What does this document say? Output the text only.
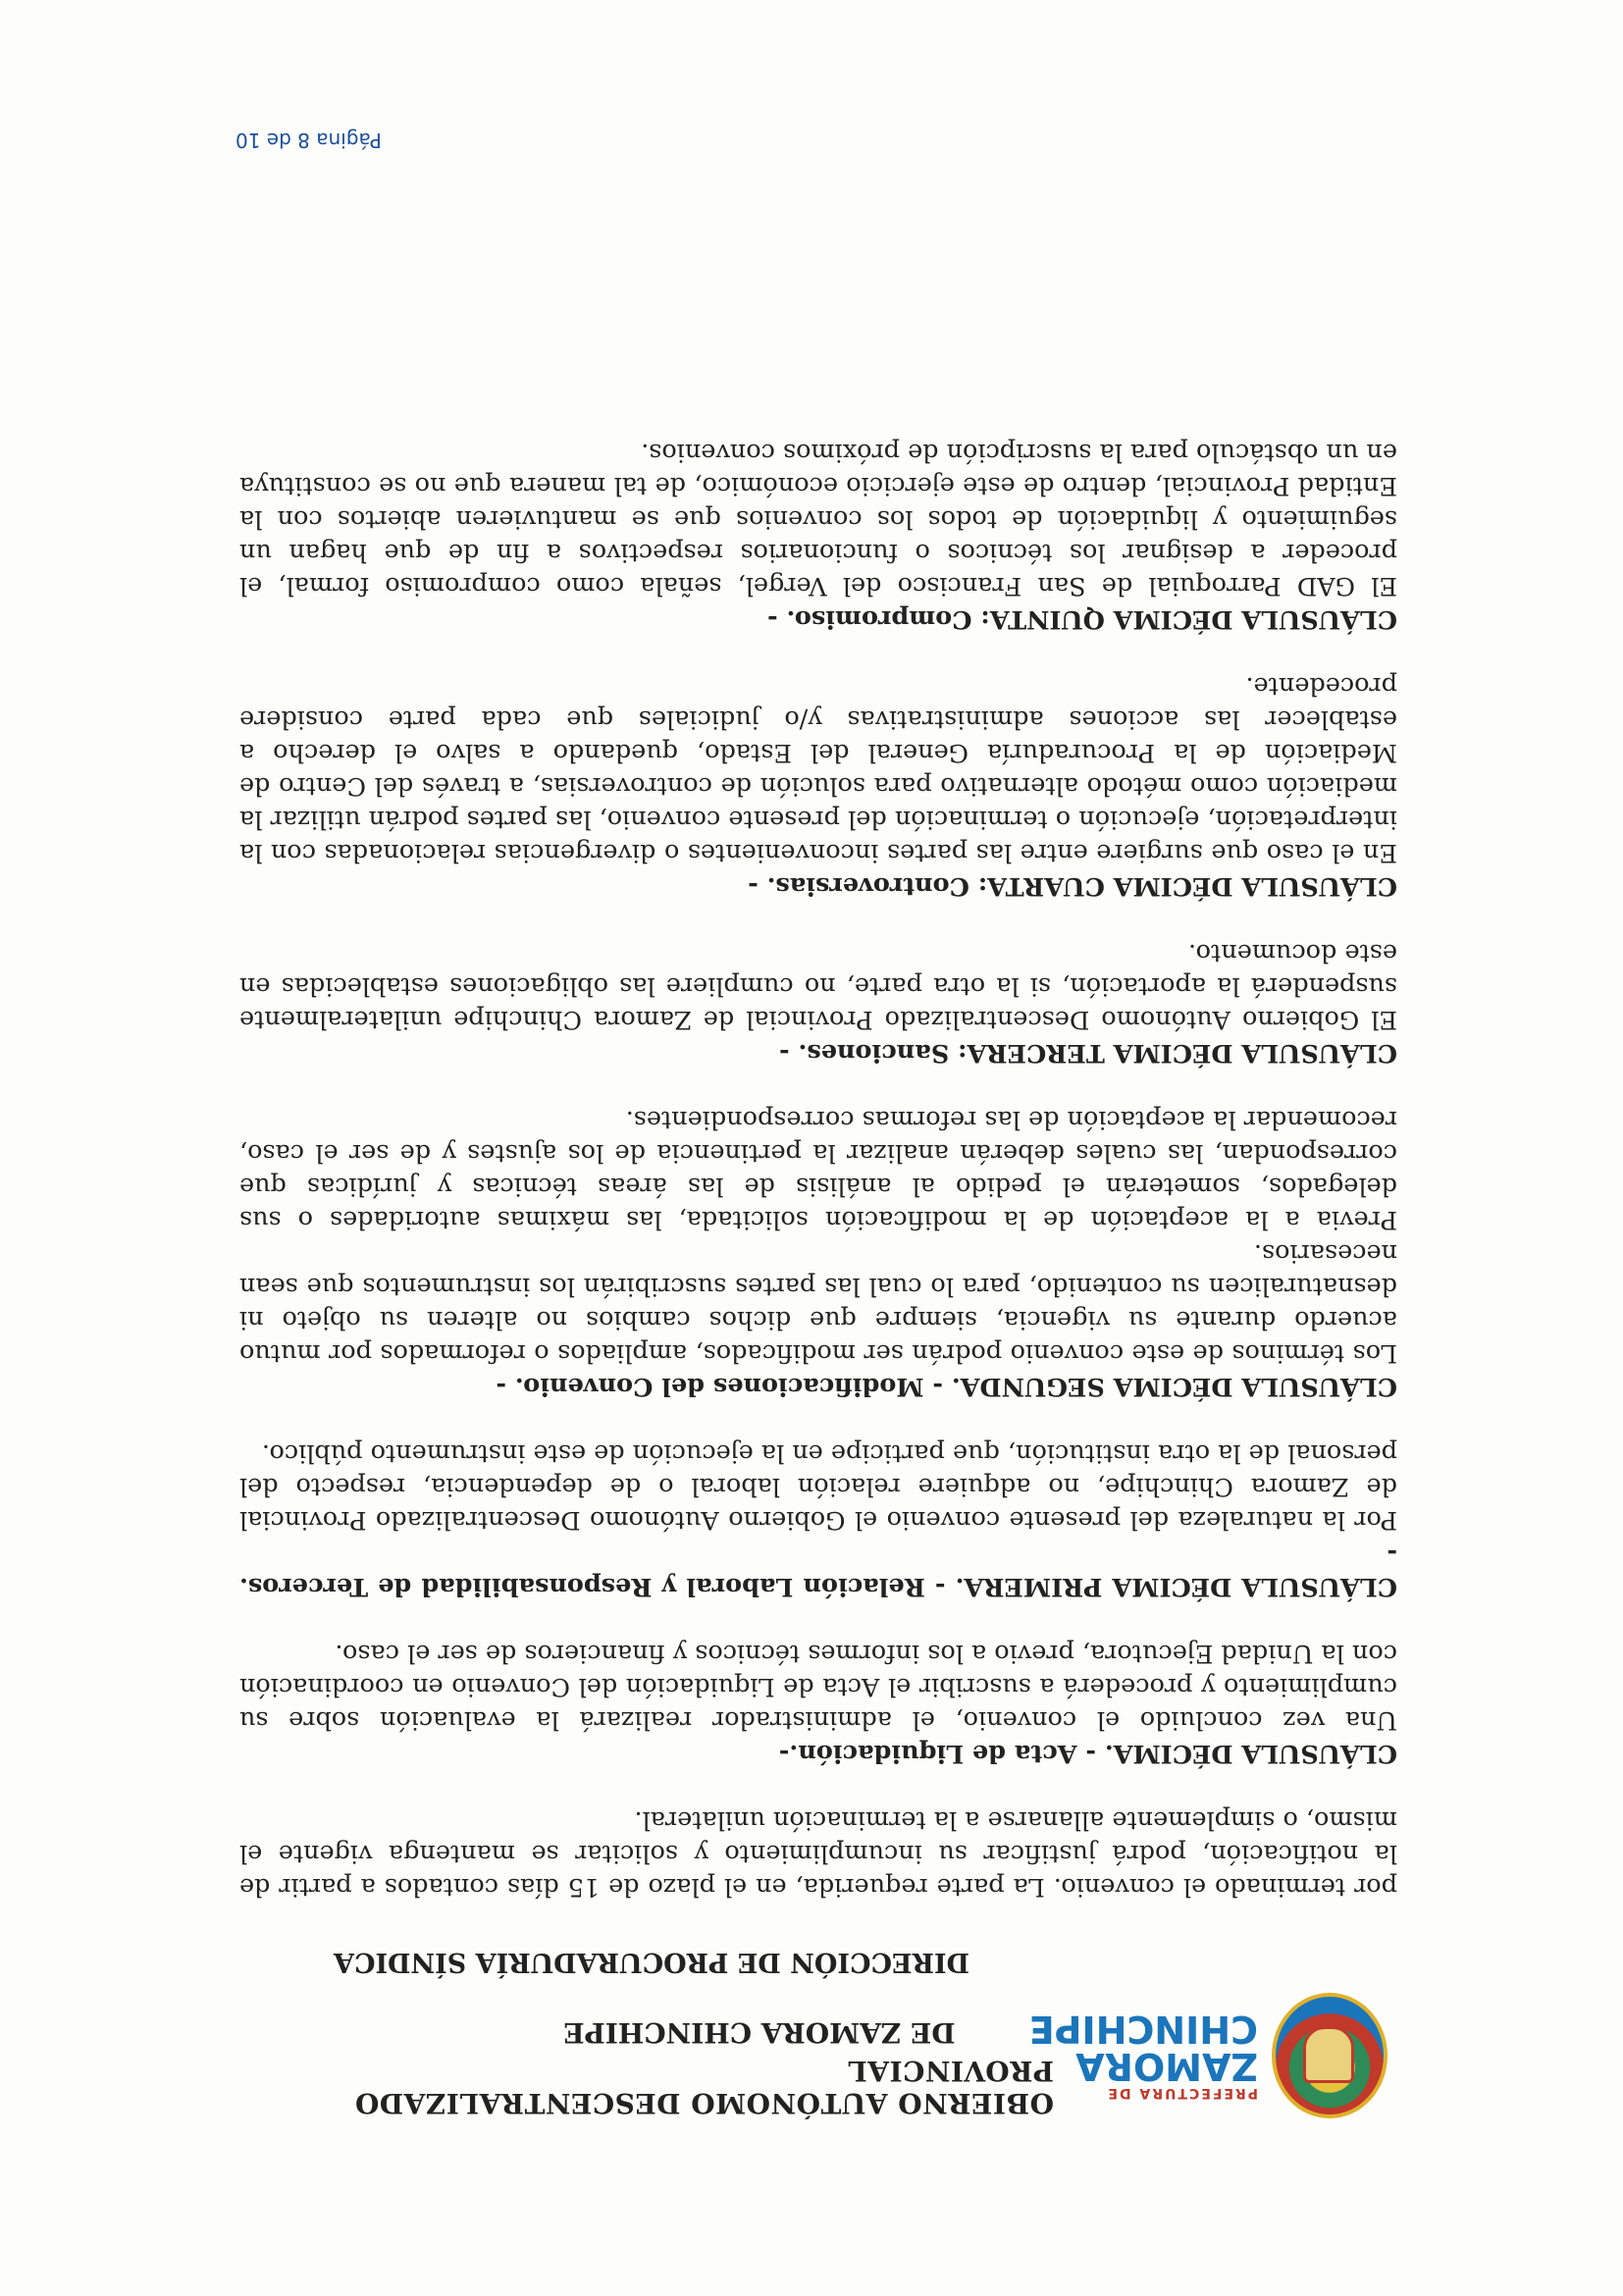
PREFECTURA DE
ZAMORA
CHINCHIPE
OBIERNO AUTÓNOMO DESCENTRALIZADO PROVINCIAL
DE ZAMORA CHINCHIPE
DIRECCIÓN DE PROCURADURÍA SÍNDICA

por terminado el convenio. La parte requerida, en el plazo de 15 días contados a partir de la notificación, podrá justificar su incumplimiento y solicitar se mantenga vigente el mismo, o simplemente allanarse a la terminación unilateral.

CLÁUSULA DÉCIMA. - Acta de Liquidación.-

Una vez concluido el convenio, el administrador realizará la evaluación sobre su cumplimiento y procederá a suscribir el Acta de Liquidación del Convenio en coordinación con la Unidad Ejecutora, previo a los informes técnicos y financieros de ser el caso.

CLÁUSULA DÉCIMA PRIMERA. - Relación Laboral y Responsabilidad de Terceros. -

Por la naturaleza del presente convenio el Gobierno Autónomo Descentralizado Provincial de Zamora Chinchipe, no adquiere relación laboral o de dependencia, respecto del personal de la otra institución, que participe en la ejecución de este instrumento público.

CLÁUSULA DÉCIMA SEGUNDA. - Modificaciones del Convenio. -

Los términos de este convenio podrán ser modificados, ampliados o reformados por mutuo acuerdo durante su vigencia, siempre que dichos cambios no alteren su objeto ni desnaturalicen su contenido, para lo cual las partes suscribirán los instrumentos que sean necesarios.

Previa a la aceptación de la modificación solicitada, las máximas autoridades o sus delegados, someterán el pedido al análisis de las áreas técnicas y jurídicas que correspondan, las cuales deberán analizar la pertinencia de los ajustes y de ser el caso, recomendar la aceptación de las reformas correspondientes.

CLÁUSULA DÉCIMA TERCERA: Sanciones. -

El Gobierno Autónomo Descentralizado Provincial de Zamora Chinchipe unilateralmente suspenderá la aportación, si la otra parte, no cumpliere las obligaciones establecidas en este documento.

CLÁUSULA DÉCIMA CUARTA: Controversias. -

En el caso que surgiere entre las partes inconvenientes o divergencias relacionadas con la interpretación, ejecución o terminación del presente convenio, las partes podrán utilizar la mediación como método alternativo para solución de controversias, a través del Centro de Mediación de la Procuraduría General del Estado, quedando a salvo el derecho a establecer las acciones administrativas y/o judiciales que cada parte considere procedente.

CLÁUSULA DÉCIMA QUINTA: Compromiso. -

El GAD Parroquial de San Francisco del Vergel, señala como compromiso formal, el proceder a designar los técnicos o funcionarios respectivos a fin de que hagan un seguimiento y liquidación de todos los convenios que se mantuvieren abiertos con la Entidad Provincial, dentro de este ejercicio económico, de tal manera que no se constituya en un obstáculo para la suscripción de próximos convenios.

Página 8 de 10
